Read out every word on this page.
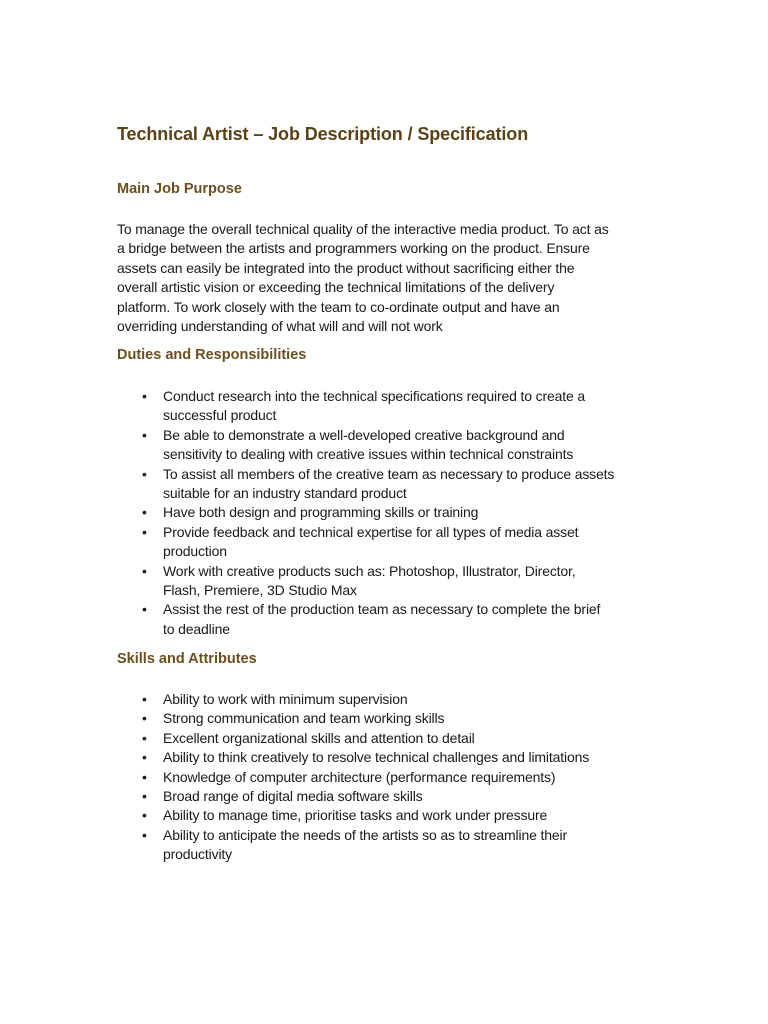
Technical Artist – Job Description / Specification
Main Job Purpose

To manage the overall technical quality of the interactive media product. To act as
a bridge between the artists and programmers working on the product. Ensure
assets can easily be integrated into the product without sacrificing either the
overall artistic vision or exceeding the technical limitations of the delivery
platform. To work closely with the team to co-ordinate output and have an
overriding understanding of what will and will not work

Duties and Responsibilities
• Conduct research into the technical specifications required to create a
successful product
• Be able to demonstrate a well-developed creative background and
sensitivity to dealing with creative issues within technical constraints
• To assist all members of the creative team as necessary to produce assets
suitable for an industry standard product
• Have both design and programming skills or training
• Provide feedback and technical expertise for all types of media asset
production
• Work with creative products such as: Photoshop, Illustrator, Director,
Flash, Premiere, 3D Studio Max
• Assist the rest of the production team as necessary to complete the brief
to deadline
Skills and Attributes
• Ability to work with minimum supervision
• Strong communication and team working skills
• Excellent organizational skills and attention to detail
• Ability to think creatively to resolve technical challenges and limitations
• Knowledge of computer architecture (performance requirements)
• Broad range of digital media software skills
• Ability to manage time, prioritise tasks and work under pressure
• Ability to anticipate the needs of the artists so as to streamline their
productivity
